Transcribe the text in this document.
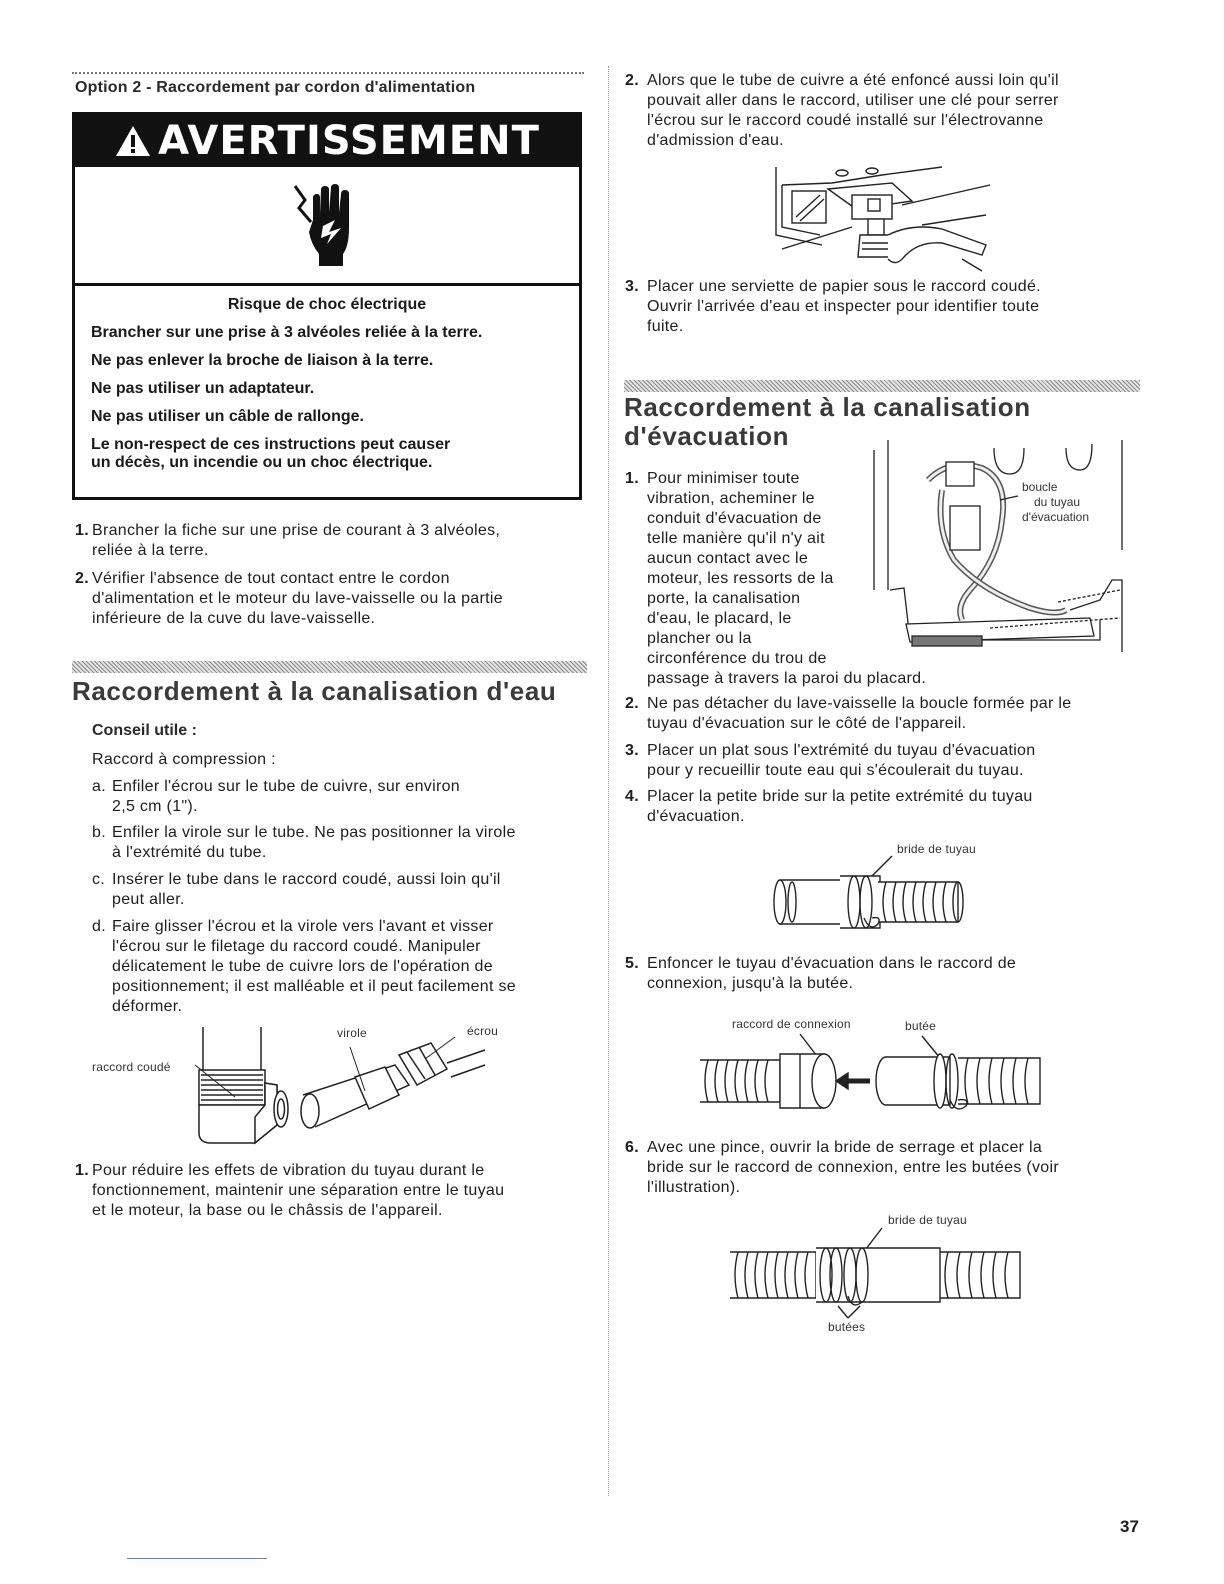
Option 2 - Raccordement par cordon d'alimentation
AVERTISSEMENT
Risque de choc électrique
Brancher sur une prise à 3 alvéoles reliée à la terre.
Ne pas enlever la broche de liaison à la terre.
Ne pas utiliser un adaptateur.
Ne pas utiliser un câble de rallonge.
Le non-respect de ces instructions peut causer
un décès, un incendie ou un choc électrique.
1. Brancher la fiche sur une prise de courant à 3 alvéoles,
reliée à la terre.
2. Vérifier l'absence de tout contact entre le cordon
d'alimentation et le moteur du lave-vaisselle ou la partie
inférieure de la cuve du lave-vaisselle.
Raccordement à la canalisation d'eau
Conseil utile :
Raccord à compression :
a. Enfiler l'écrou sur le tube de cuivre, sur environ
2,5 cm (1").
b. Enfiler la virole sur le tube. Ne pas positionner la virole
à l'extrémité du tube.
c. Insérer le tube dans le raccord coudé, aussi loin qu'il
peut aller.
d. Faire glisser l'écrou et la virole vers l'avant et visser
l'écrou sur le filetage du raccord coudé. Manipuler
délicatement le tube de cuivre lors de l'opération de
positionnement; il est malléable et il peut facilement se
déformer.
raccord coudé
virole	écrou
1. Pour réduire les effets de vibration du tuyau durant le
fonctionnement, maintenir une séparation entre le tuyau
et le moteur, la base ou le châssis de l'appareil.
2. Alors que le tube de cuivre a été enfoncé aussi loin qu'il
pouvait aller dans le raccord, utiliser une clé pour serrer
l'écrou sur le raccord coudé installé sur l'électrovanne
d'admission d'eau.
3. Placer une serviette de papier sous le raccord coudé.
Ouvrir l'arrivée d'eau et inspecter pour identifier toute
fuite.
Raccordement à la canalisation
d'évacuation
1. Pour minimiser toute
vibration, acheminer le
conduit d'évacuation de
telle manière qu'il n'y ait
aucun contact avec le
moteur, les ressorts de la
porte, la canalisation
d'eau, le placard, le
plancher ou la
circonférence du trou de
passage à travers la paroi du placard.
boucle
du tuyau
d'évacuation
2. Ne pas détacher du lave-vaisselle la boucle formée par le
tuyau d'évacuation sur le côté de l'appareil.
3. Placer un plat sous l'extrémité du tuyau d'évacuation
pour y recueillir toute eau qui s'écoulerait du tuyau.
4. Placer la petite bride sur la petite extrémité du tuyau
d'évacuation.
bride de tuyau
5. Enfoncer le tuyau d'évacuation dans le raccord de
connexion, jusqu'à la butée.
raccord de connexion	butée
6. Avec une pince, ouvrir la bride de serrage et placer la
bride sur le raccord de connexion, entre les butées (voir
l'illustration).
bride de tuyau
butées
37
